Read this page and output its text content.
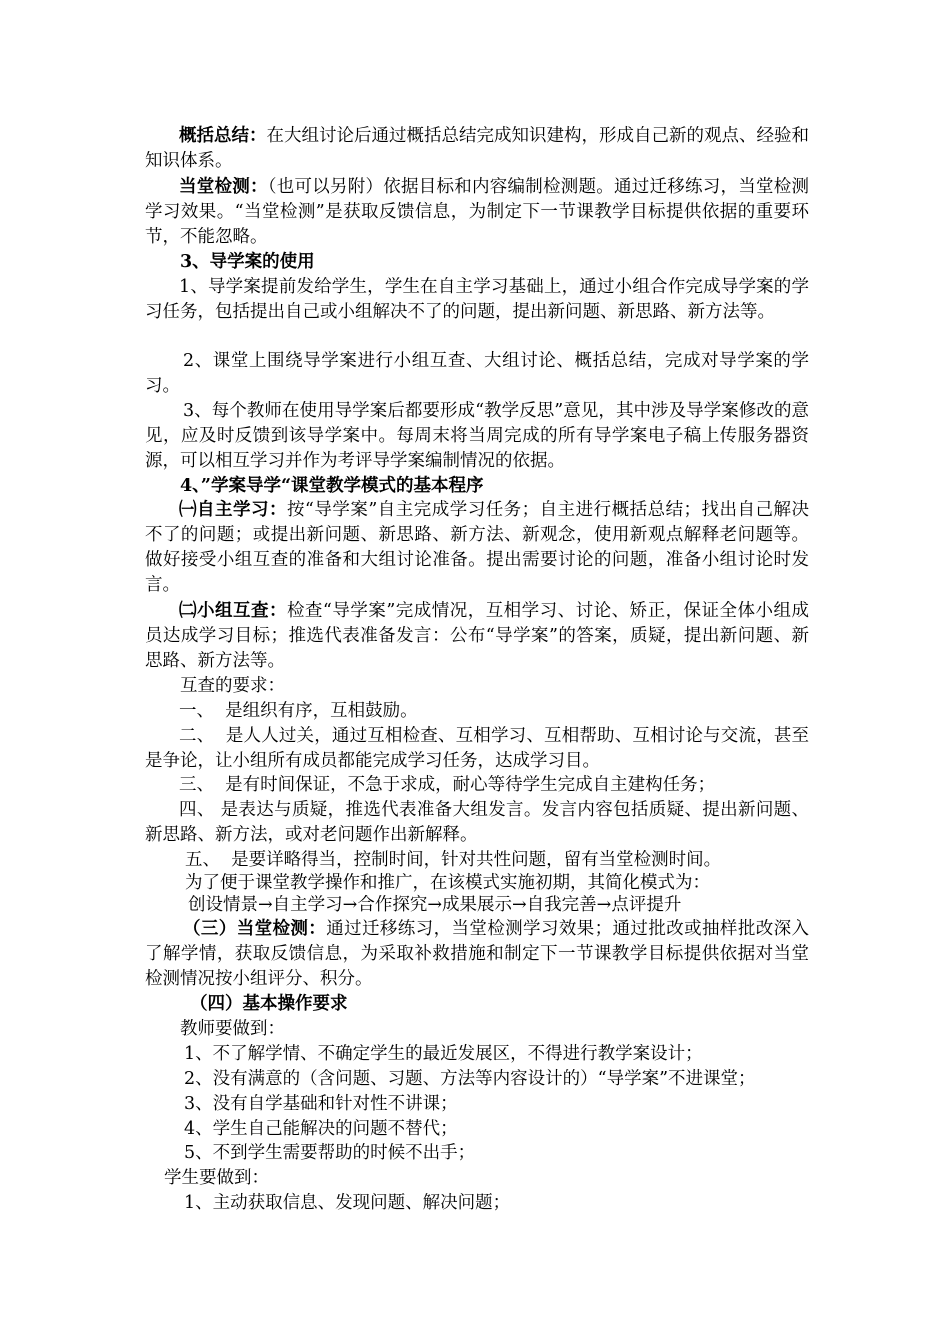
概括总结：在大组讨论后通过概括总结完成知识建构，形成自己新的观点、经验和知识体系。

当堂检测：（也可以另附）依据目标和内容编制检测题。通过迁移练习，当堂检测学习效果。“当堂检测”是获取反馈信息，为制定下一节课教学目标提供依据的重要环节，不能忽略。

3、导学案的使用

1、导学案提前发给学生，学生在自主学习基础上，通过小组合作完成导学案的学习任务，包括提出自己或小组解决不了的问题，提出新问题、新思路、新方法等。

2、课堂上围绕导学案进行小组互查、大组讨论、概括总结，完成对导学案的学习。

3、每个教师在使用导学案后都要形成“教学反思”意见，其中涉及导学案修改的意见，应及时反馈到该导学案中。每周末将当周完成的所有导学案电子稿上传服务器资源，可以相互学习并作为考评导学案编制情况的依据。

4、”学案导学“课堂教学模式的基本程序

㈠自主学习：按“导学案”自主完成学习任务；自主进行概括总结；找出自己解决不了的问题；或提出新问题、新思路、新方法、新观念，使用新观点解释老问题等。做好接受小组互查的准备和大组讨论准备。提出需要讨论的问题，准备小组讨论时发言。

㈡小组互查：检查“导学案”完成情况，互相学习、讨论、矫正，保证全体小组成员达成学习目标；推选代表准备发言：公布“导学案”的答案，质疑，提出新问题、新思路、新方法等。

互查的要求：

一、  是组织有序，互相鼓励。

二、  是人人过关，通过互相检查、互相学习、互相帮助、互相讨论与交流，甚至是争论，让小组所有成员都能完成学习任务，达成学习目。

三、  是有时间保证，不急于求成，耐心等待学生完成自主建构任务；

四、 是表达与质疑，推选代表准备大组发言。发言内容包括质疑、提出新问题、新思路、新方法，或对老问题作出新解释。

五、  是要详略得当，控制时间，针对共性问题，留有当堂检测时间。

为了便于课堂教学操作和推广，在该模式实施初期，其简化模式为：

创设情景→自主学习→合作探究→成果展示→自我完善→点评提升

（三）当堂检测：通过迁移练习，当堂检测学习效果；通过批改或抽样批改深入了解学情，获取反馈信息，为采取补救措施和制定下一节课教学目标提供依据对当堂检测情况按小组评分、积分。

（四）基本操作要求

教师要做到：

1、不了解学情、不确定学生的最近发展区，不得进行教学案设计；

2、没有满意的（含问题、习题、方法等内容设计的）“导学案”不进课堂；

3、没有自学基础和针对性不讲课；

4、学生自己能解决的问题不替代；

5、不到学生需要帮助的时候不出手；

学生要做到：

1、主动获取信息、发现问题、解决问题；
